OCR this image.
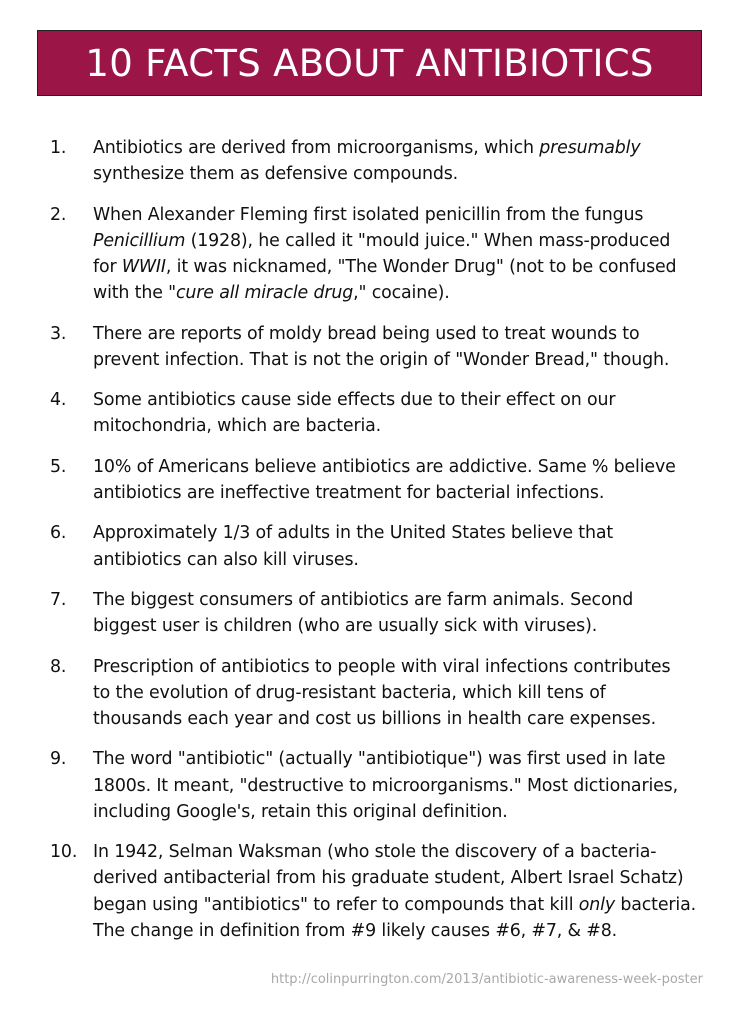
10 FACTS ABOUT ANTIBIOTICS
1. Antibiotics are derived from microorganisms, which presumably
synthesize them as defensive compounds.
2. When Alexander Fleming first isolated penicillin from the fungus
Penicillium (1928), he called it "mould juice." When mass-produced
for WWII, it was nicknamed, "The Wonder Drug" (not to be confused
with the "cure all miracle drug," cocaine).
3. There are reports of moldy bread being used to treat wounds to
prevent infection. That is not the origin of "Wonder Bread," though.
4. Some antibiotics cause side effects due to their effect on our
mitochondria, which are bacteria.
5. 10% of Americans believe antibiotics are addictive. Same % believe
antibiotics are ineffective treatment for bacterial infections.
6. Approximately 1/3 of adults in the United States believe that
antibiotics can also kill viruses.
7. The biggest consumers of antibiotics are farm animals. Second
biggest user is children (who are usually sick with viruses).
8. Prescription of antibiotics to people with viral infections contributes
to the evolution of drug-resistant bacteria, which kill tens of
thousands each year and cost us billions in health care expenses.
9. The word "antibiotic" (actually "antibiotique") was first used in late
1800s. It meant, "destructive to microorganisms." Most dictionaries,
including Google's, retain this original definition.
10. In 1942, Selman Waksman (who stole the discovery of a bacteria-
derived antibacterial from his graduate student, Albert Israel Schatz)
began using "antibiotics" to refer to compounds that kill only bacteria.
The change in definition from #9 likely causes #6, #7, & #8.
http://colinpurrington.com/2013/antibiotic-awareness-week-poster
